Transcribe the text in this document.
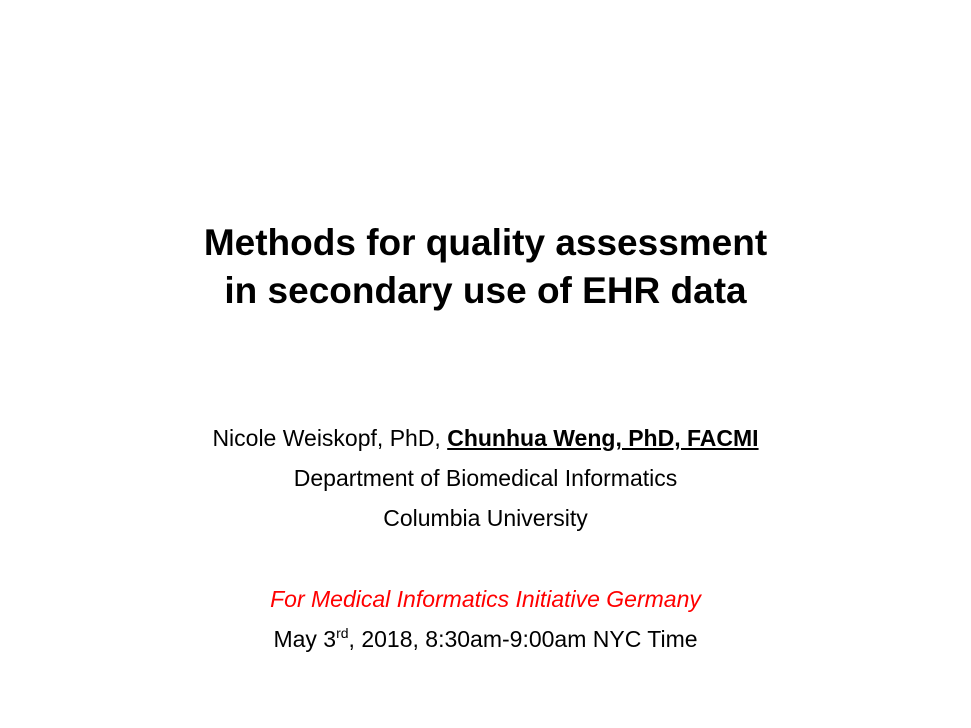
Methods for quality assessment
in secondary use of EHR data
Nicole Weiskopf, PhD, Chunhua Weng, PhD, FACMI
Department of Biomedical Informatics
Columbia University
For Medical Informatics Initiative Germany
May 3rd, 2018, 8:30am-9:00am NYC Time
